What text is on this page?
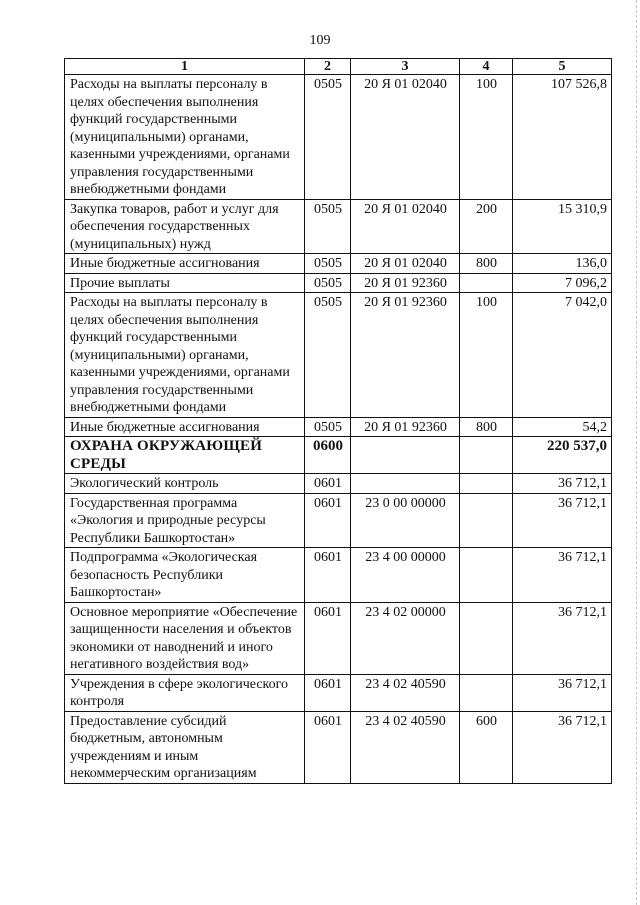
109
1	2	3	4	5
Расходы на выплаты персоналу в целях обеспечения выполнения функций государственными (муниципальными) органами, казенными учреждениями, органами управления государственными внебюджетными фондами	0505	20 Я 01 02040	100	107 526,8
Закупка товаров, работ и услуг для обеспечения государственных (муниципальных) нужд	0505	20 Я 01 02040	200	15 310,9
Иные бюджетные ассигнования	0505	20 Я 01 02040	800	136,0
Прочие выплаты	0505	20 Я 01 92360		7 096,2
Расходы на выплаты персоналу в целях обеспечения выполнения функций государственными (муниципальными) органами, казенными учреждениями, органами управления государственными внебюджетными фондами	0505	20 Я 01 92360	100	7 042,0
Иные бюджетные ассигнования	0505	20 Я 01 92360	800	54,2
ОХРАНА ОКРУЖАЮЩЕЙ СРЕДЫ	0600			220 537,0
Экологический контроль	0601			36 712,1
Государственная программа «Экология и природные ресурсы Республики Башкортостан»	0601	23 0 00 00000		36 712,1
Подпрограмма «Экологическая безопасность Республики Башкортостан»	0601	23 4 00 00000		36 712,1
Основное мероприятие «Обеспечение защищенности населения и объектов экономики от наводнений и иного негативного воздействия вод»	0601	23 4 02 00000		36 712,1
Учреждения в сфере экологического контроля	0601	23 4 02 40590		36 712,1
Предоставление субсидий бюджетным, автономным учреждениям и иным некоммерческим организациям	0601	23 4 02 40590	600	36 712,1
